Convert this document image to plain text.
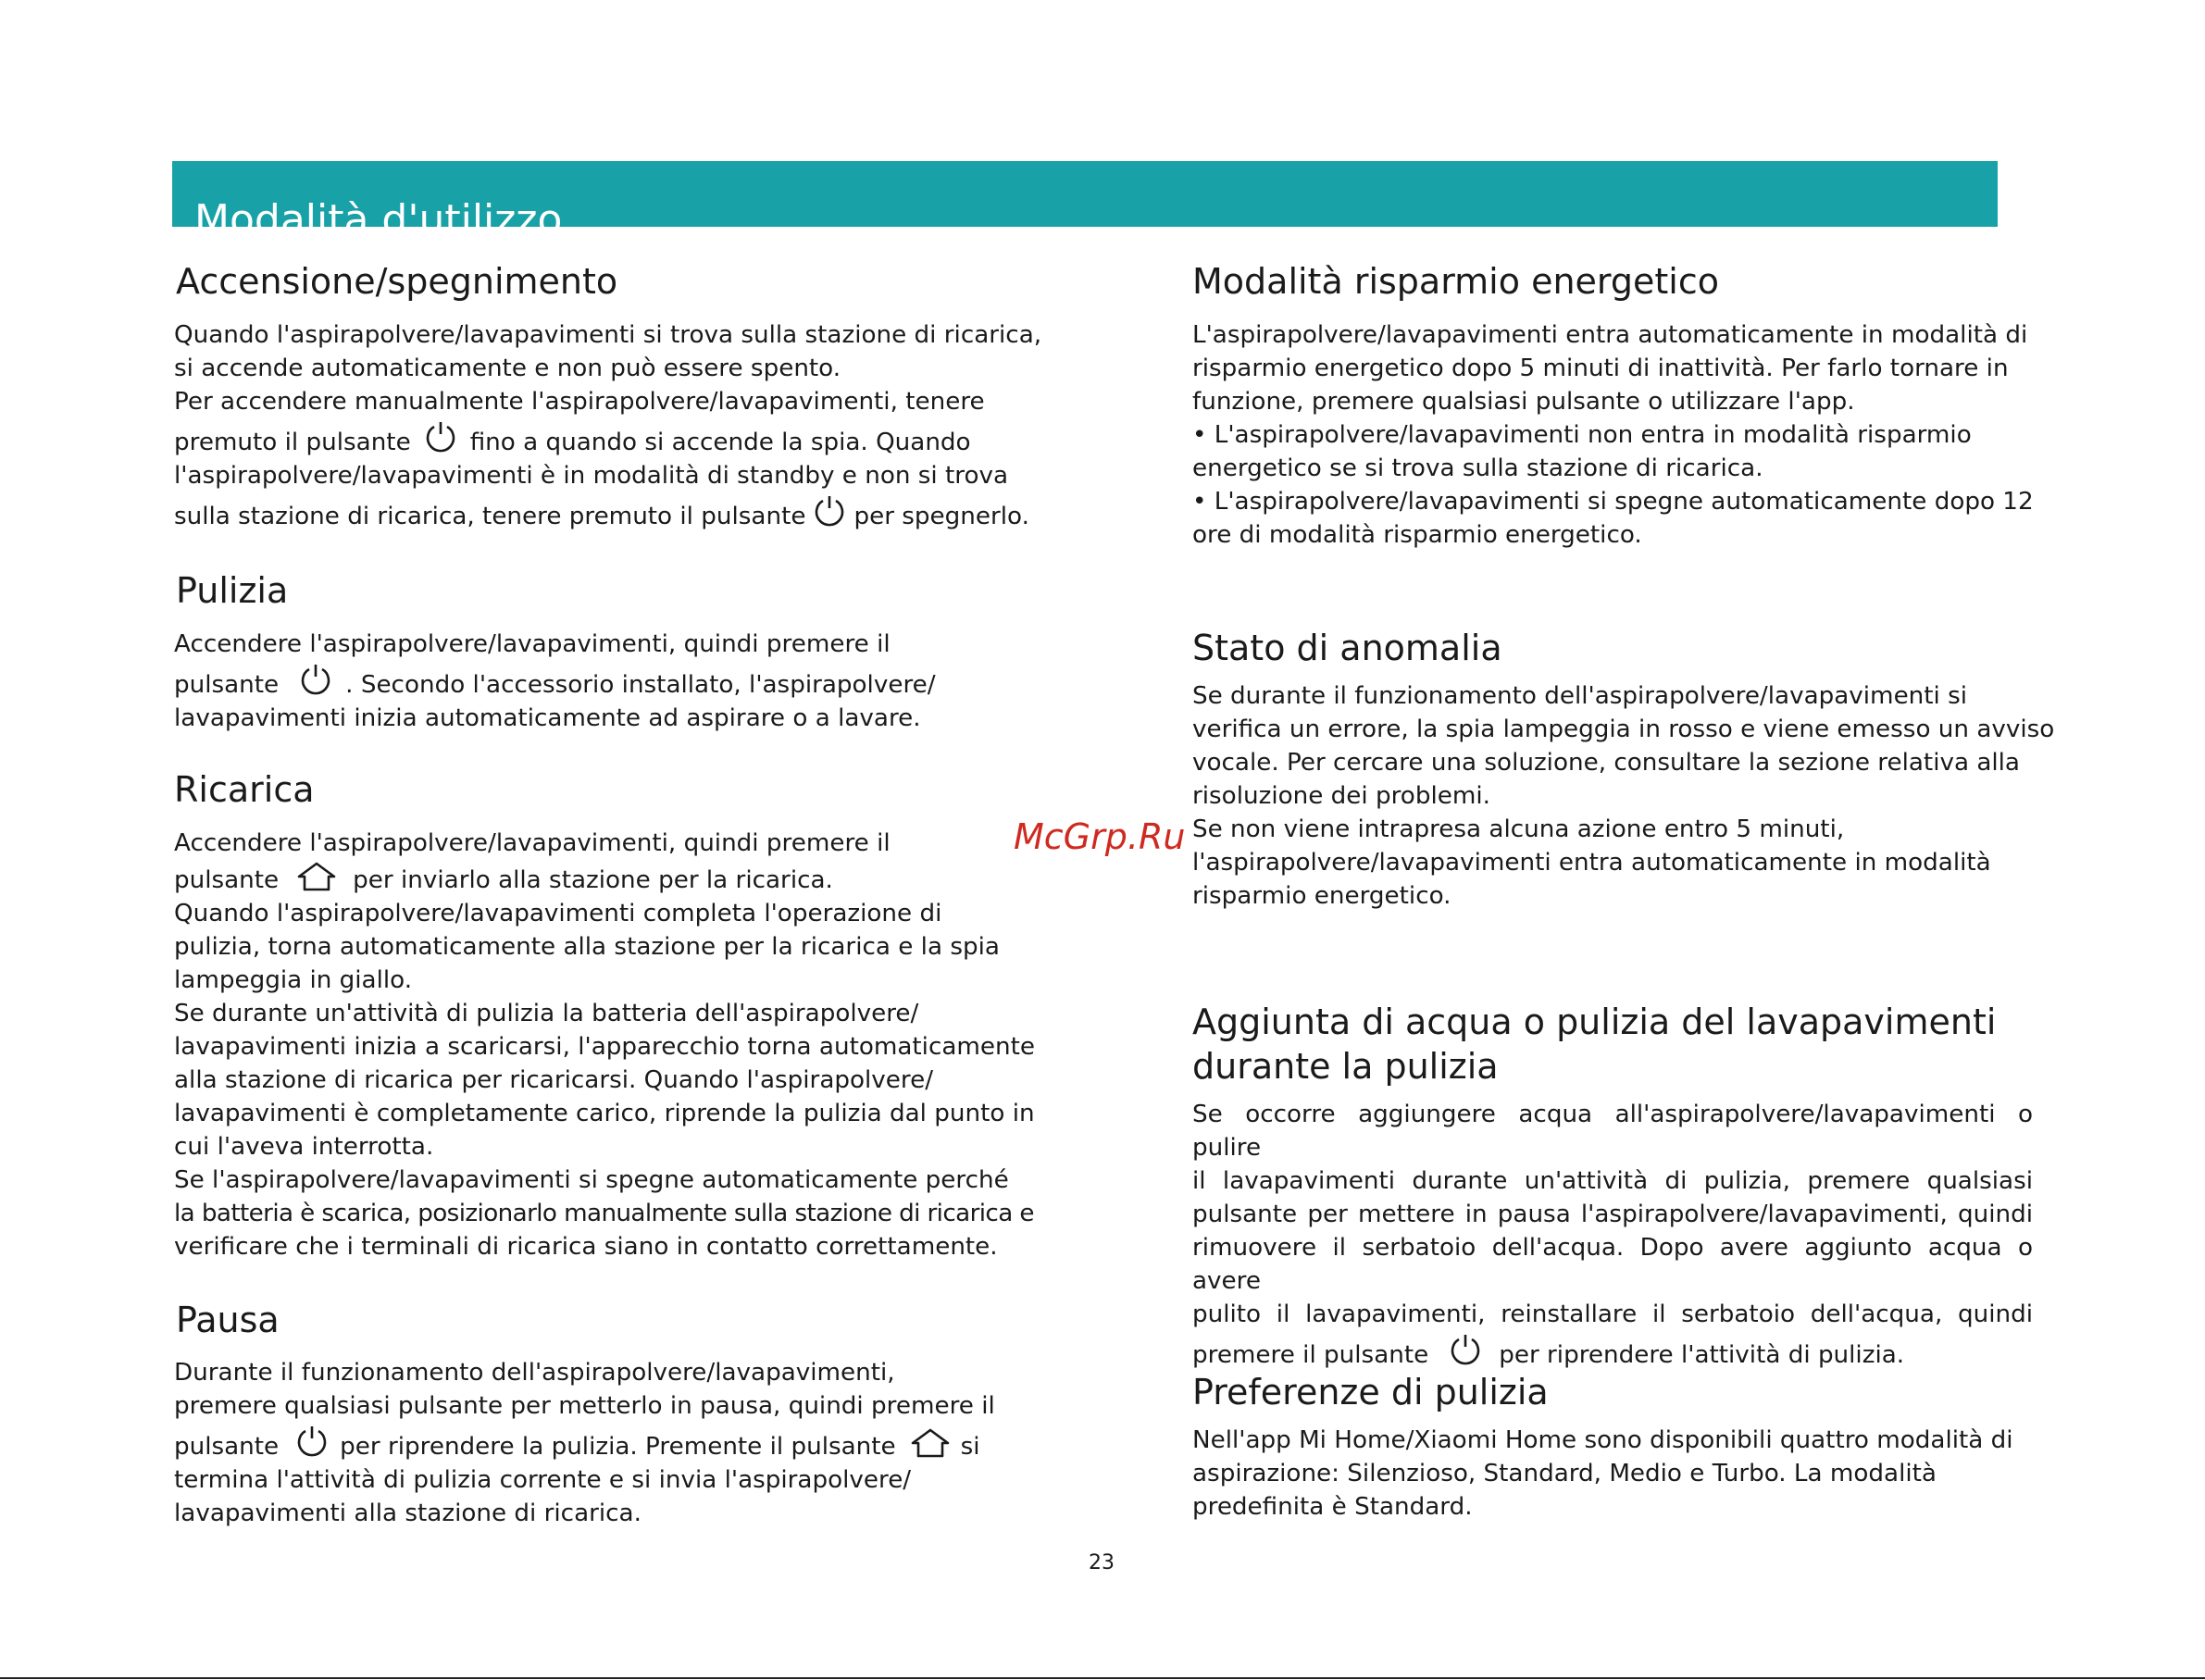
Modalità d'utilizzo
Accensione/spegnimento

Quando l'aspirapolvere/lavapavimenti si trova sulla stazione di ricarica,
si accende automaticamente e non può essere spento.
Per accendere manualmente l'aspirapolvere/lavapavimenti, tenere
premuto il pulsante fino a quando si accende la spia. Quando
l'aspirapolvere/lavapavimenti è in modalità di standby e non si trova
sulla stazione di ricarica, tenere premuto il pulsante per spegnerlo.

Pulizia

Accendere l'aspirapolvere/lavapavimenti, quindi premere il
pulsante	. Secondo l'accessorio installato, l'aspirapolvere/
lavapavimenti inizia automaticamente ad aspirare o a lavare.

Ricarica

Accendere l'aspirapolvere/lavapavimenti, quindi premere il
pulsante	per inviarlo alla stazione per la ricarica.
Quando l'aspirapolvere/lavapavimenti completa l'operazione di
pulizia, torna automaticamente alla stazione per la ricarica e la spia
lampeggia in giallo.
Se durante un'attività di pulizia la batteria dell'aspirapolvere/
lavapavimenti inizia a scaricarsi, l'apparecchio torna automaticamente
alla stazione di ricarica per ricaricarsi. Quando l'aspirapolvere/
lavapavimenti è completamente carico, riprende la pulizia dal punto in
cui l'aveva interrotta.
Se l'aspirapolvere/lavapavimenti si spegne automaticamente perché
la batteria è scarica, posizionarlo manualmente sulla stazione di ricarica e
verificare che i terminali di ricarica siano in contatto correttamente.

Pausa

Durante il funzionamento dell'aspirapolvere/lavapavimenti,
premere qualsiasi pulsante per metterlo in pausa, quindi premere il
pulsante	per riprendere la pulizia. Premente il pulsante	si
termina l'attività di pulizia corrente e si invia l'aspirapolvere/
lavapavimenti alla stazione di ricarica.

Modalità risparmio energetico

L'aspirapolvere/lavapavimenti entra automaticamente in modalità di
risparmio energetico dopo 5 minuti di inattività. Per farlo tornare in
funzione, premere qualsiasi pulsante o utilizzare l'app.
• L'aspirapolvere/lavapavimenti non entra in modalità risparmio
energetico se si trova sulla stazione di ricarica.
• L'aspirapolvere/lavapavimenti si spegne automaticamente dopo 12
ore di modalità risparmio energetico.

Stato di anomalia

Se durante il funzionamento dell'aspirapolvere/lavapavimenti si
verifica un errore, la spia lampeggia in rosso e viene emesso un avviso
vocale. Per cercare una soluzione, consultare la sezione relativa alla
risoluzione dei problemi.
Se non viene intrapresa alcuna azione entro 5 minuti,
l'aspirapolvere/lavapavimenti entra automaticamente in modalità
risparmio energetico.

Aggiunta di acqua o pulizia del lavapavimenti
durante la pulizia

Se occorre aggiungere acqua all'aspirapolvere/lavapavimenti o pulire
il lavapavimenti durante un'attività di pulizia, premere qualsiasi
pulsante per mettere in pausa l'aspirapolvere/lavapavimenti, quindi
rimuovere il serbatoio dell'acqua. Dopo avere aggiunto acqua o avere
pulito il lavapavimenti, reinstallare il serbatoio dell'acqua, quindi
premere il pulsante	per riprendere l'attività di pulizia.

Preferenze di pulizia

Nell'app Mi Home/Xiaomi Home sono disponibili quattro modalità di
aspirazione: Silenzioso, Standard, Medio e Turbo. La modalità
predefinita è Standard.

McGrp.Ru
23
